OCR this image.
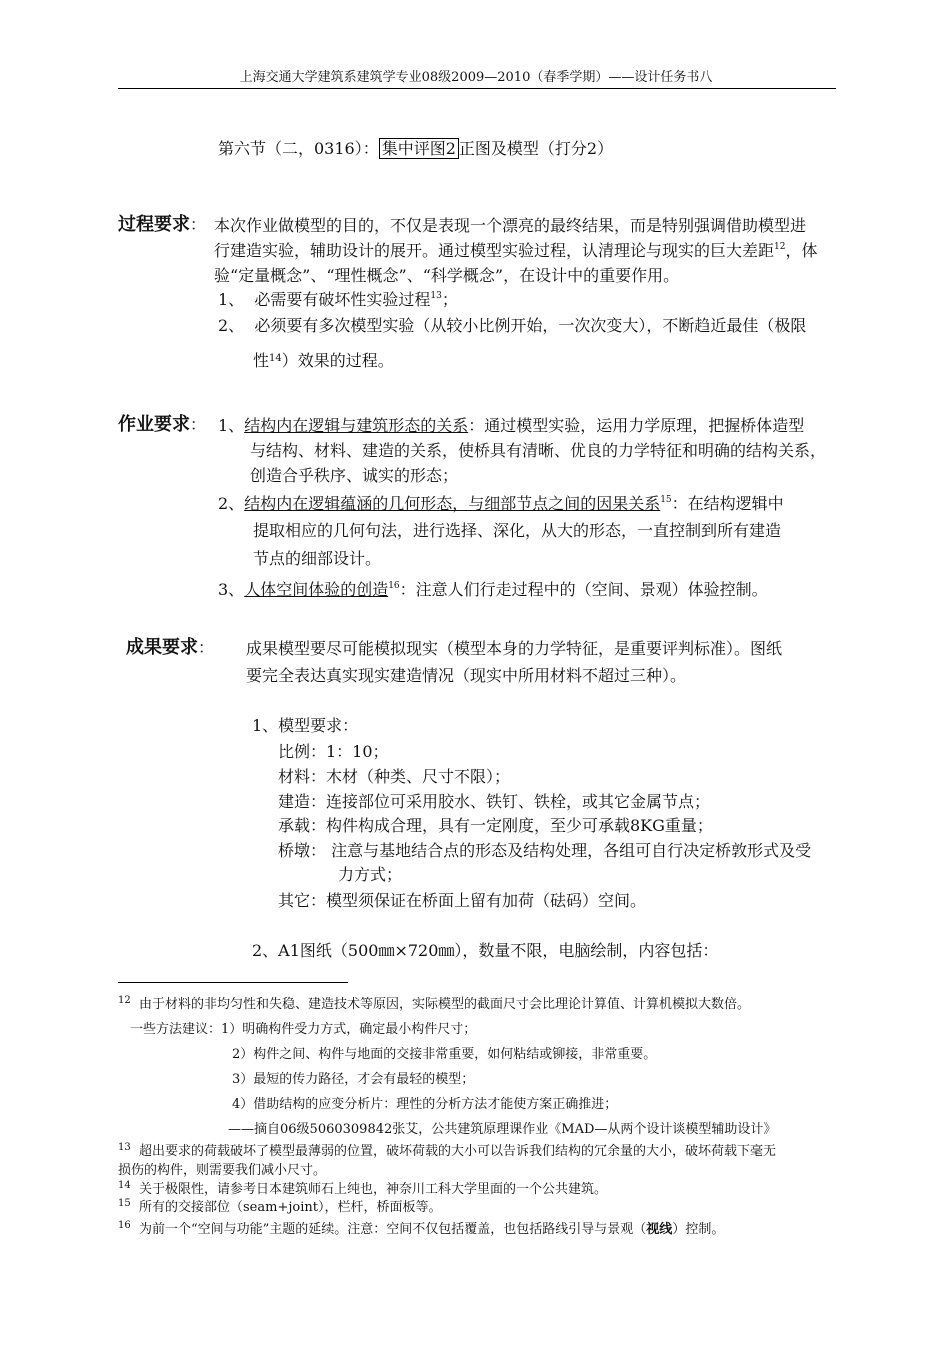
上海交通大学建筑系建筑学专业08级2009—2010（春季学期）——设计任务书八
第六节（二，0316）： 集中评图2 正图及模型（打分2）
过程要求： 本次作业做模型的目的，不仅是表现一个漂亮的最终结果，而是特别强调借助模型进
行建造实验，辅助设计的展开。通过模型实验过程，认清理论与现实的巨大差距$^{12}$，体
验“定量概念”、“理性概念”、“科学概念”，在设计中的重要作用。
1、 必需要有破坏性实验过程$^{13}$；
2、 必须要有多次模型实验（从较小比例开始，一次次变大），不断趋近最佳（极限
性$^{14}$）效果的过程。
作业要求： 1、结构内在逻辑与建筑形态的关系：通过模型实验，运用力学原理，把握桥体造型
与结构、材料、建造的关系，使桥具有清晰、优良的力学特征和明确的结构关系，
创造合乎秩序、诚实的形态；
2、结构内在逻辑蕴涵的几何形态，与细部节点之间的因果关系$^{15}$：在结构逻辑中
提取相应的几何句法，进行选择、深化，从大的形态，一直控制到所有建造
节点的细部设计。
3、人体空间体验的创造$^{16}$：注意人们行走过程中的（空间、景观）体验控制。
成果要求： 成果模型要尽可能模拟现实（模型本身的力学特征，是重要评判标准）。图纸
要完全表达真实现实建造情况（现实中所用材料不超过三种）。
1、模型要求：
比例：1：10；
材料：木材（种类、尺寸不限）；
建造：连接部位可采用胶水、铁钉、铁栓，或其它金属节点；
承载：构件构成合理，具有一定刚度，至少可承载8KG重量；
桥墩： 注意与基地结合点的形态及结构处理，各组可自行决定桥敦形式及受
力方式；
其它：模型须保证在桥面上留有加荷（砝码）空间。
2、A1图纸（500㎜×720㎜），数量不限，电脑绘制，内容包括：
$^{12}$ 由于材料的非均匀性和失稳、建造技术等原因，实际模型的截面尺寸会比理论计算值、计算机模拟大数倍。
一些方法建议：1）明确构件受力方式，确定最小构件尺寸；
2）构件之间、构件与地面的交接非常重要，如何粘结或铆接，非常重要。
3）最短的传力路径，才会有最轻的模型；
4）借助结构的应变分析片：理性的分析方法才能使方案正确推进；
——摘自06级5060309842张艾，公共建筑原理课作业《MAD—从两个设计谈模型辅助设计》
$^{13}$ 超出要求的荷载破坏了模型最薄弱的位置，破坏荷载的大小可以告诉我们结构的冗余量的大小，破坏荷载下毫无
损伤的构件，则需要我们减小尺寸。
$^{14}$ 关于极限性，请参考日本建筑师石上纯也，神奈川工科大学里面的一个公共建筑。
$^{15}$ 所有的交接部位（seam+joint），栏杆，桥面板等。
$^{16}$ 为前一个“空间与功能”主题的延续。注意：空间不仅包括覆盖，也包括路线引导与景观（视线）控制。
